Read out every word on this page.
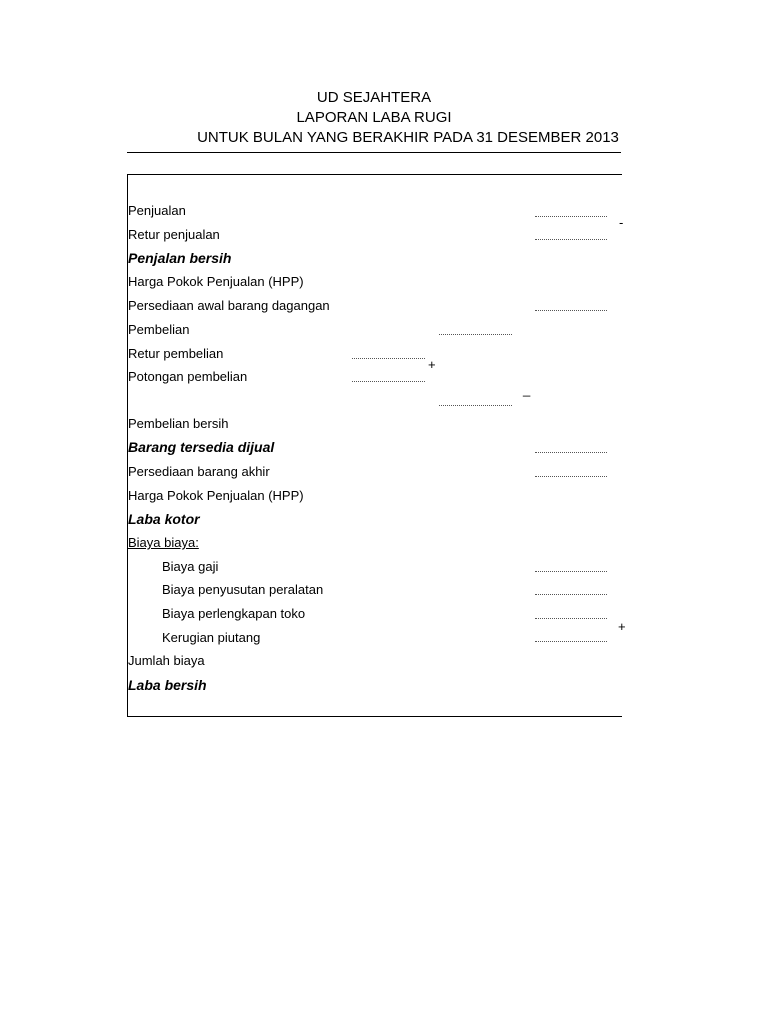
UD SEJAHTERA
LAPORAN LABA RUGI
UNTUK BULAN YANG BERAKHIR PADA 31 DESEMBER 2013
Penjualan
Retur penjualan
Penjalan bersih
Harga Pokok Penjualan (HPP)
Persediaan awal barang dagangan
Pembelian
Retur pembelian
Potongan pembelian
Pembelian bersih
Barang tersedia dijual
Persediaan barang akhir
Harga Pokok Penjualan (HPP)
Laba kotor
Biaya biaya:
Biaya gaji
Biaya penyusutan peralatan
Biaya perlengkapan toko
Kerugian piutang
Jumlah biaya
Laba bersih
+
_
-
+
